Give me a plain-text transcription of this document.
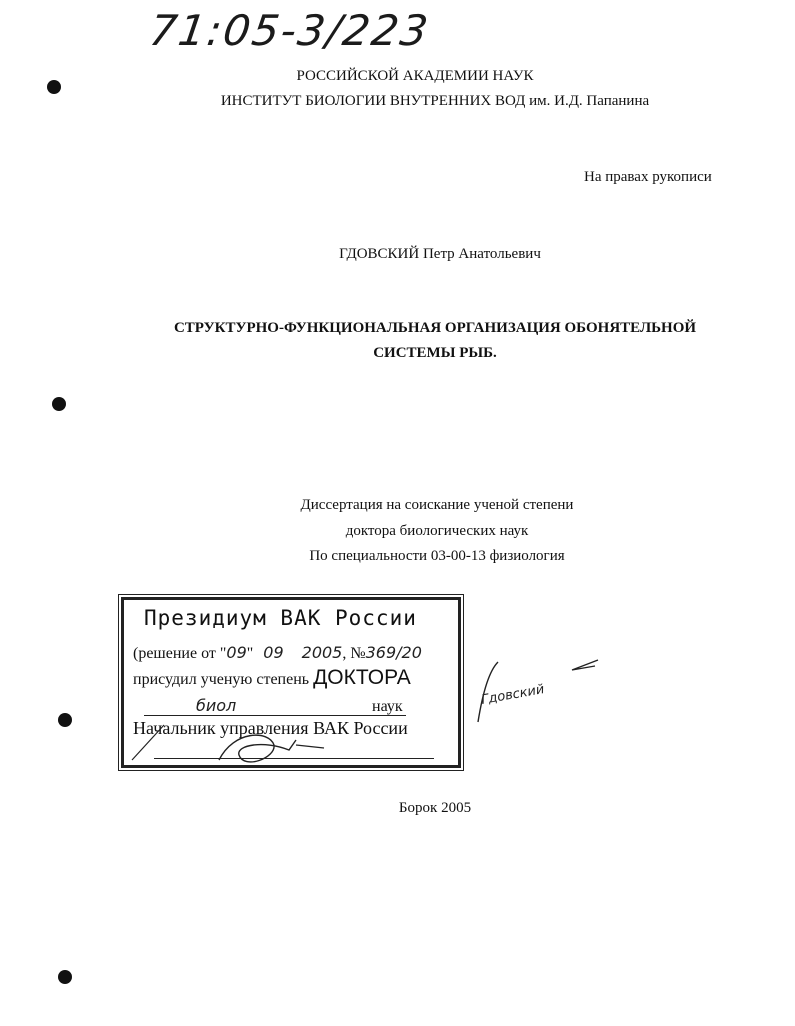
71:05-3/223
РОССИЙСКОЙ АКАДЕМИИ НАУК
ИНСТИТУТ БИОЛОГИИ ВНУТРЕННИХ ВОД им. И.Д. Папанина
На правах рукописи
ГДОВСКИЙ Петр Анатольевич
СТРУКТУРНО-ФУНКЦИОНАЛЬНАЯ ОРГАНИЗАЦИЯ ОБОНЯТЕЛЬНОЙ
СИСТЕМЫ РЫБ.
Диссертация на соискание ученой степени
доктора биологических наук
По специальности 03-00-13 физиология
Президиум ВАК России
(решение от "09" 09 2005, №369/20
присудил ученую степень ДОКТОРА
биол	наук
Начальник управления ВАК России
Гдовский
Борок 2005
